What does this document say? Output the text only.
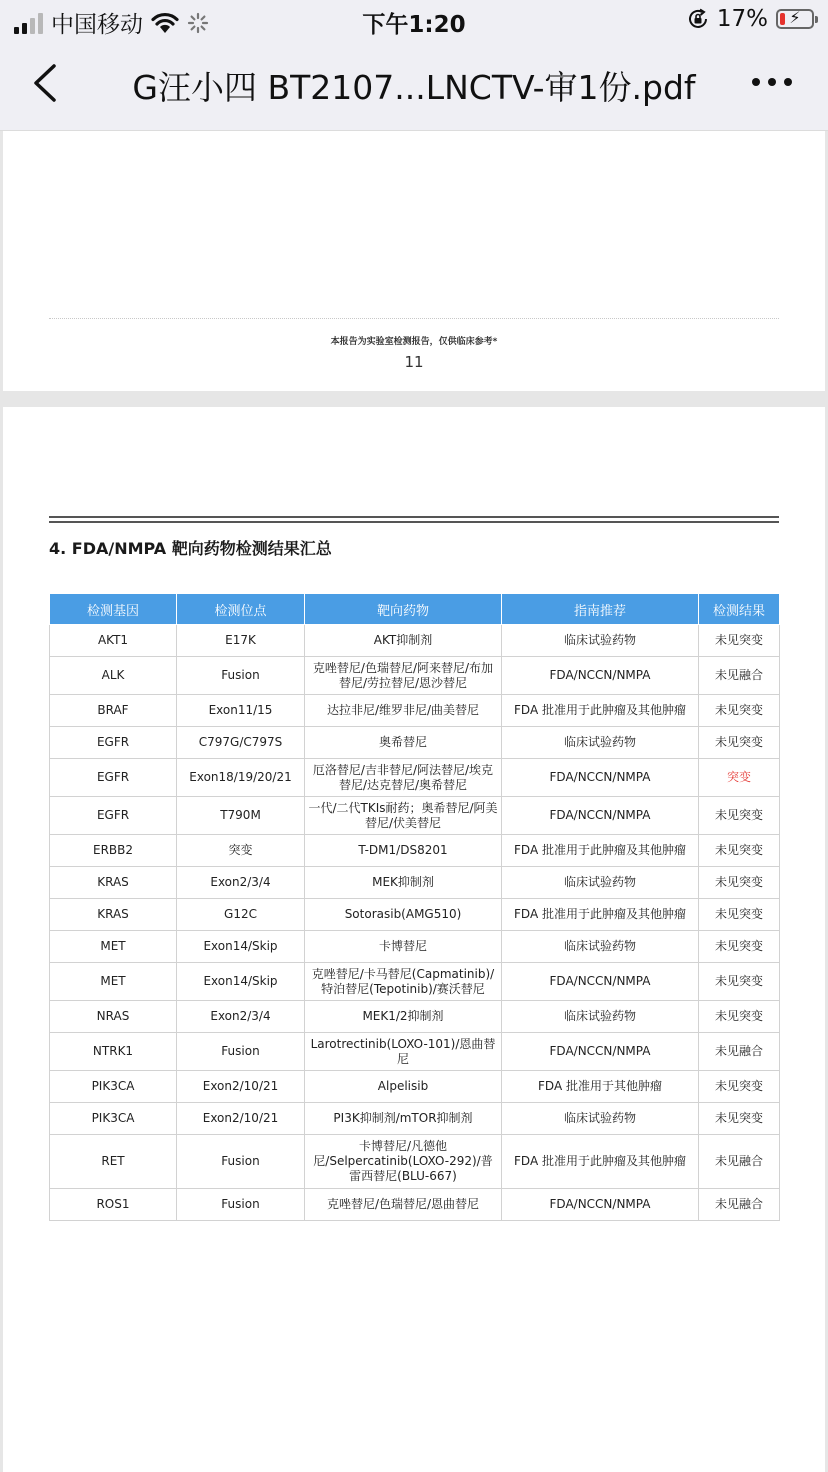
中国移动	下午1:20	17%	⚡
G汪小四 BT2107...LNCTV-审1份.pdf
本报告为实验室检测报告，仅供临床参考*
11
4. FDA/NMPA 靶向药物检测结果汇总
检测基因	检测位点	靶向药物	指南推荐	检测结果
AKT1	E17K	AKT抑制剂	临床试验药物	未见突变
ALK	Fusion	克唑替尼/色瑞替尼/阿来替尼/布加替尼/劳拉替尼/恩沙替尼	FDA/NCCN/NMPA	未见融合
BRAF	Exon11/15	达拉非尼/维罗非尼/曲美替尼	FDA 批准用于此肿瘤及其他肿瘤	未见突变
EGFR	C797G/C797S	奥希替尼	临床试验药物	未见突变
EGFR	Exon18/19/20/21	厄洛替尼/吉非替尼/阿法替尼/埃克替尼/达克替尼/奥希替尼	FDA/NCCN/NMPA	突变
EGFR	T790M	一代/二代TKIs耐药；奥希替尼/阿美替尼/伏美替尼	FDA/NCCN/NMPA	未见突变
ERBB2	突变	T-DM1/DS8201	FDA 批准用于此肿瘤及其他肿瘤	未见突变
KRAS	Exon2/3/4	MEK抑制剂	临床试验药物	未见突变
KRAS	G12C	Sotorasib(AMG510)	FDA 批准用于此肿瘤及其他肿瘤	未见突变
MET	Exon14/Skip	卡博替尼	临床试验药物	未见突变
MET	Exon14/Skip	克唑替尼/卡马替尼(Capmatinib)/特泊替尼(Tepotinib)/赛沃替尼	FDA/NCCN/NMPA	未见突变
NRAS	Exon2/3/4	MEK1/2抑制剂	临床试验药物	未见突变
NTRK1	Fusion	Larotrectinib(LOXO-101)/恩曲替尼	FDA/NCCN/NMPA	未见融合
PIK3CA	Exon2/10/21	Alpelisib	FDA 批准用于其他肿瘤	未见突变
PIK3CA	Exon2/10/21	PI3K抑制剂/mTOR抑制剂	临床试验药物	未见突变
RET	Fusion	卡博替尼/凡德他尼/Selpercatinib(LOXO-292)/普雷西替尼(BLU-667)	FDA 批准用于此肿瘤及其他肿瘤	未见融合
ROS1	Fusion	克唑替尼/色瑞替尼/恩曲替尼	FDA/NCCN/NMPA	未见融合
